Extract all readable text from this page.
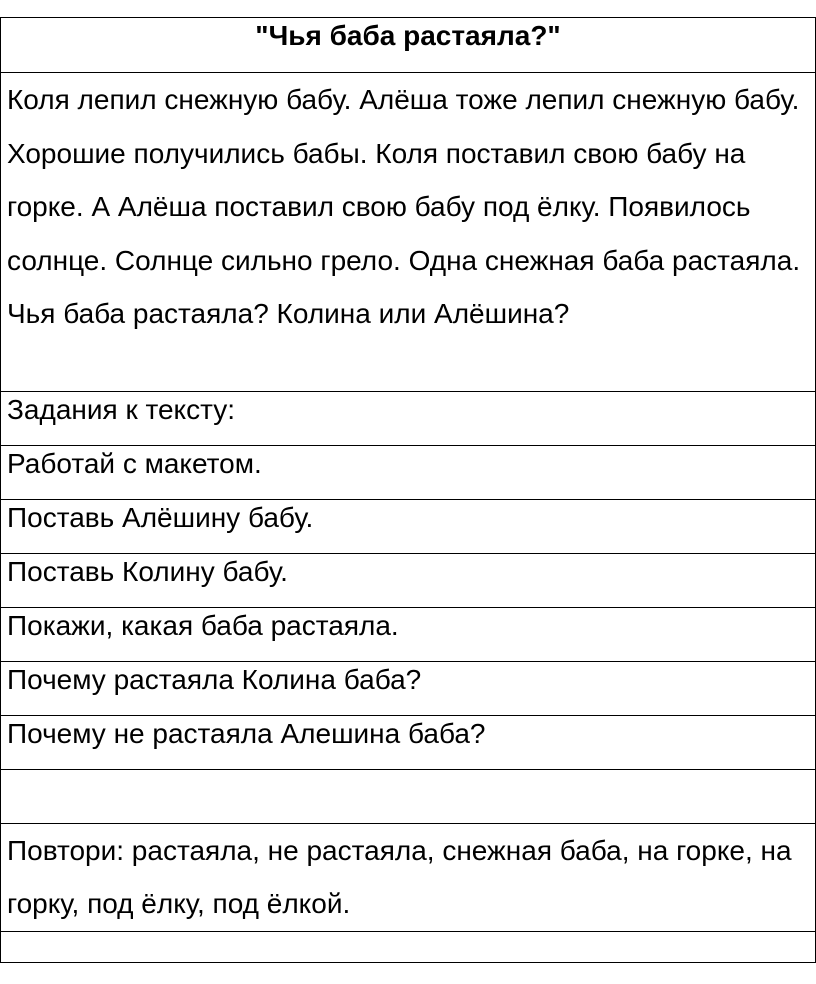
"Чья баба растаяла?"
Коля лепил снежную бабу. Алёша тоже лепил снежную бабу. Хорошие получились бабы. Коля поставил свою бабу на горке. А Алёша поставил свою бабу под ёлку. Появилось солнце. Солнце сильно грело. Одна снежная баба растаяла. Чья баба растаяла? Колина или Алёшина?
Задания к тексту:
Работай с макетом.
Поставь Алёшину бабу.
Поставь Колину бабу.
Покажи, какая баба растаяла.
Почему растаяла Колина баба?
Почему не растаяла Алешина баба?

Повтори: растаяла, не растаяла, снежная баба, на горке, на горку, под ёлку, под ёлкой.
